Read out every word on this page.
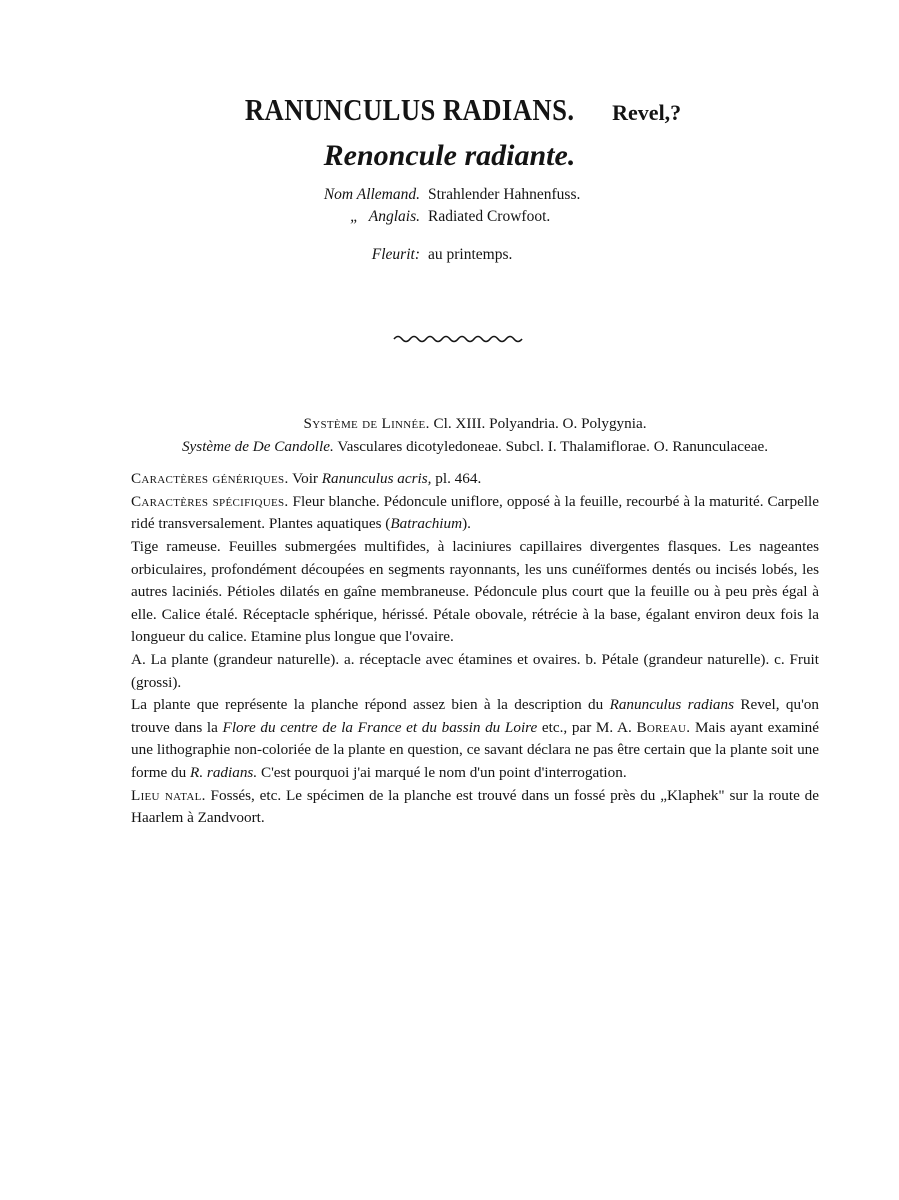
RANUNCULUS RADIANS. Revel,?
Renoncule radiante.
Nom Allemand. Strahlender Hahnenfuss.
„ Anglais. Radiated Crowfoot.
Fleurit: au printemps.

Système de Linnée. Cl. XIII. Polyandria. O. Polygynia.

Système de De Candolle. Vasculares dicotyledoneae. Subcl. I. Thalamiflorae. O. Ranunculaceae.

Caractères génériques. Voir Ranunculus acris, pl. 464.

Caractères spécifiques. Fleur blanche. Pédoncule uniflore, opposé à la feuille, recourbé à la maturité. Carpelle ridé transversalement. Plantes aquatiques (Batrachium).

Tige rameuse. Feuilles submergées multifides, à laciniures capillaires divergentes flasques. Les nageantes orbiculaires, profondément découpées en segments rayonnants, les uns cunéïformes dentés ou incisés lobés, les autres laciniés. Pétioles dilatés en gaîne membraneuse. Pédoncule plus court que la feuille ou à peu près égal à elle. Calice étalé. Réceptacle sphérique, hérissé. Pétale obovale, rétrécie à la base, égalant environ deux fois la longueur du calice. Etamine plus longue que l'ovaire.

A. La plante (grandeur naturelle). a. réceptacle avec étamines et ovaires. b. Pétale (grandeur naturelle). c. Fruit (grossi).

La plante que représente la planche répond assez bien à la description du Ranunculus radians Revel, qu'on trouve dans la Flore du centre de la France et du bassin du Loire etc., par M. A. Boreau. Mais ayant examiné une lithographie non-coloriée de la plante en question, ce savant déclara ne pas être certain que la plante soit une forme du R. radians. C'est pourquoi j'ai marqué le nom d'un point d'interrogation.

Lieu natal. Fossés, etc. Le spécimen de la planche est trouvé dans un fossé près du „Klaphek" sur la route de Haarlem à Zandvoort.
